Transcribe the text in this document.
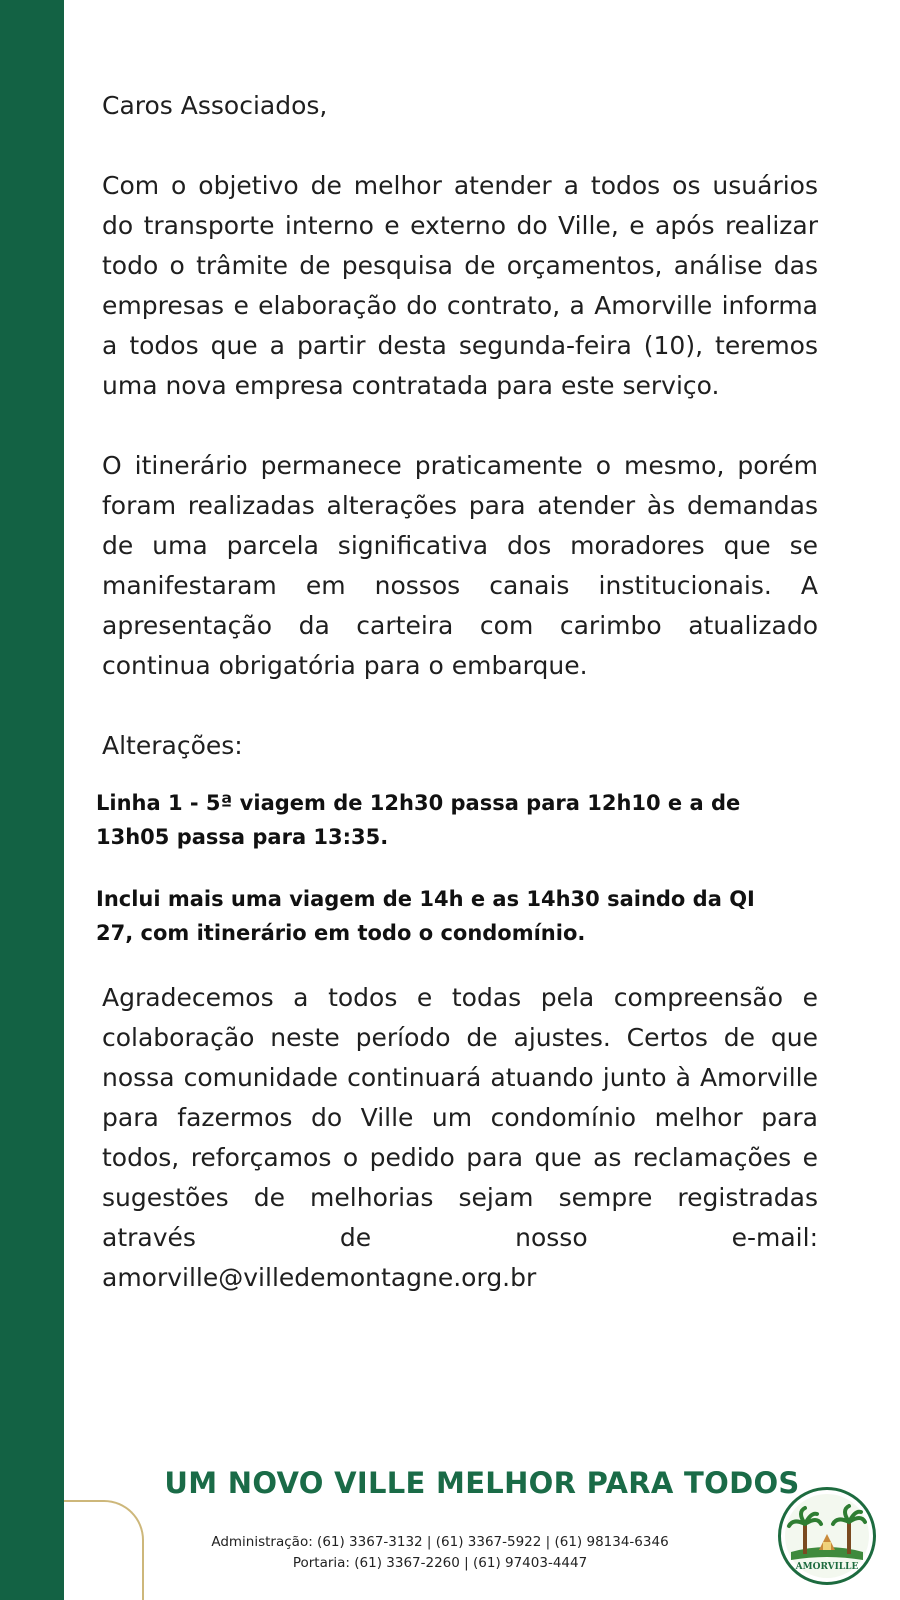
Caros Associados,

Com o objetivo de melhor atender a todos os usuários do transporte interno e externo do Ville, e após realizar todo o trâmite de pesquisa de orçamentos, análise das empresas e elaboração do contrato, a Amorville informa a todos que a partir desta segunda-feira (10), teremos uma nova empresa contratada para este serviço.

O itinerário permanece praticamente o mesmo, porém foram realizadas alterações para atender às demandas de uma parcela significativa dos moradores que se manifestaram em nossos canais institucionais. A apresentação da carteira com carimbo atualizado continua obrigatória para o embarque.

Alterações:

Linha 1 - 5ª viagem de 12h30 passa para 12h10 e a de 13h05 passa para 13:35.

Inclui mais uma viagem de 14h e as 14h30 saindo da QI 27, com itinerário em todo o condomínio.

Agradecemos a todos e todas pela compreensão e colaboração neste período de ajustes. Certos de que nossa comunidade continuará atuando junto à Amorville para fazermos do Ville um condomínio melhor para todos, reforçamos o pedido para que as reclamações e sugestões de melhorias sejam sempre registradas através de nosso e-mail: amorville@villedemontagne.org.br

UM NOVO VILLE MELHOR PARA TODOS
Administração: (61) 3367-3132 | (61) 3367-5922 | (61) 98134-6346
Portaria: (61) 3367-2260 | (61) 97403-4447	AMORVILLE
